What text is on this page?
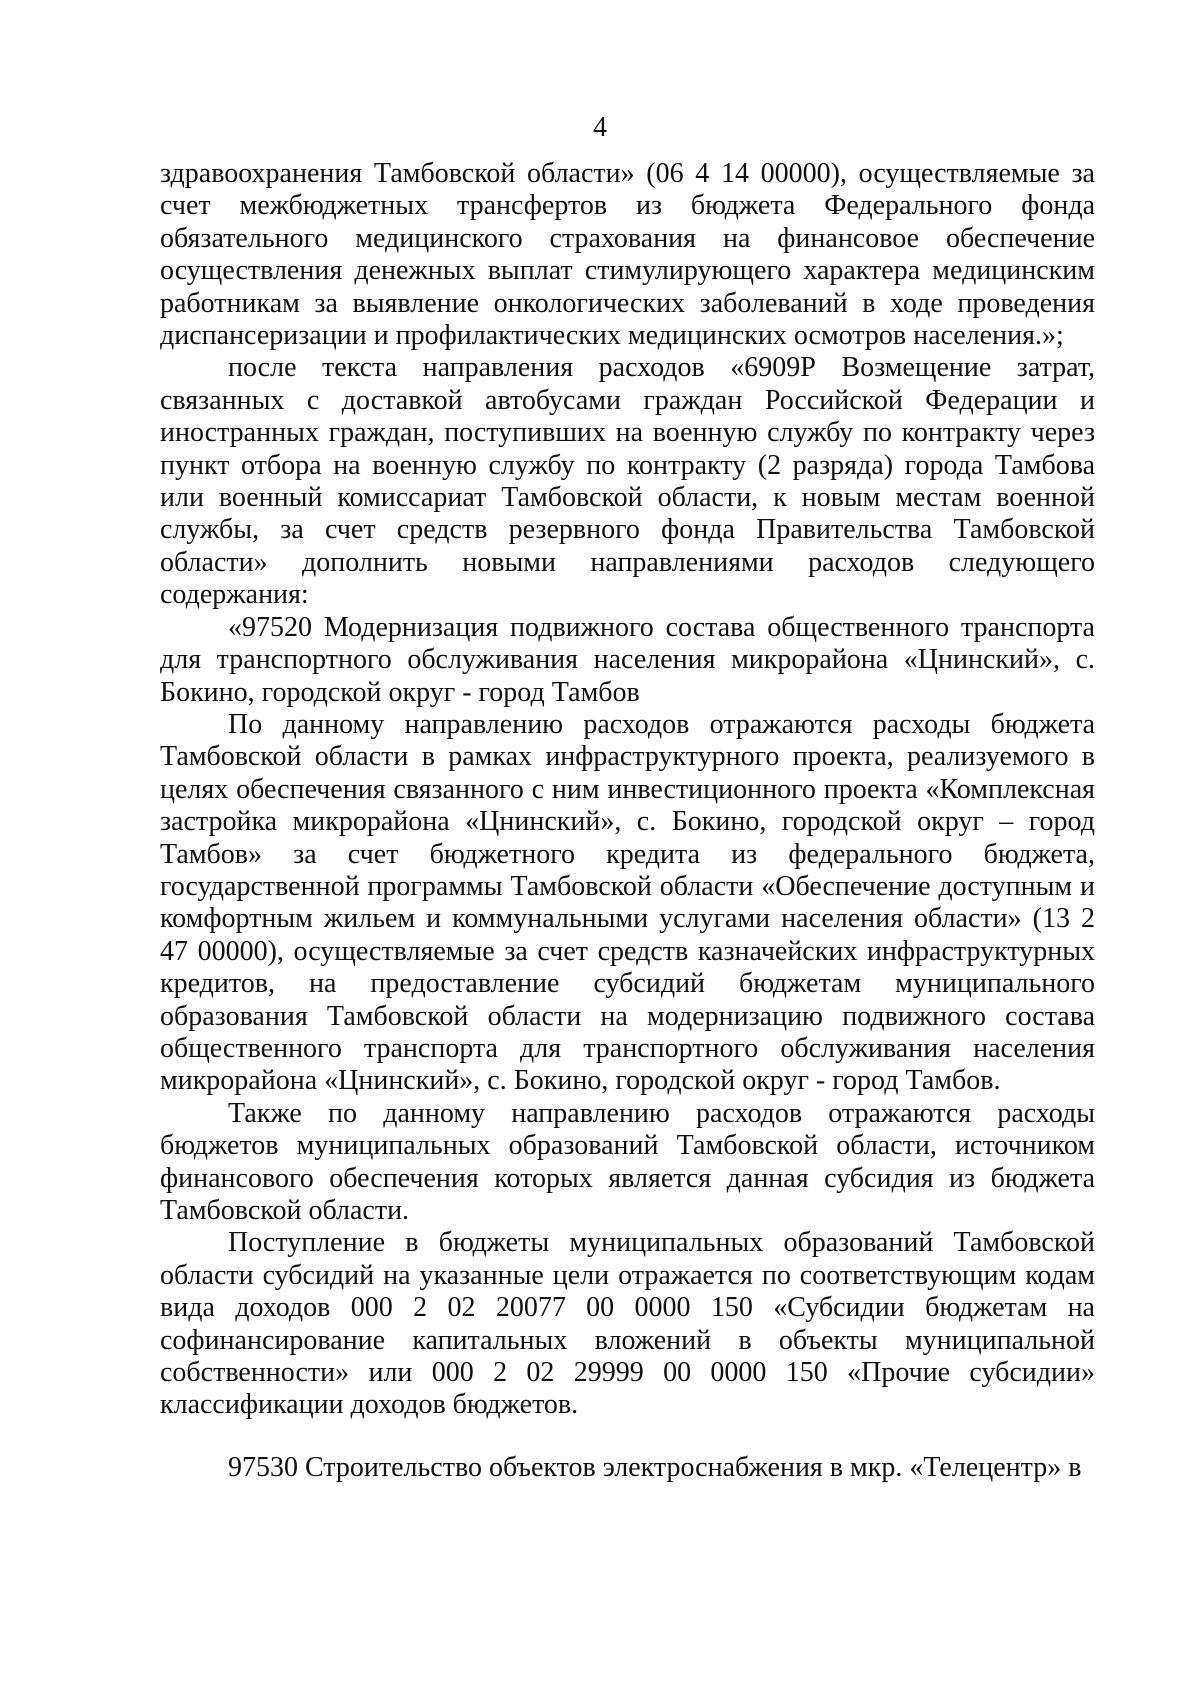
4

здравоохранения Тамбовской области» (06 4 14 00000), осуществляемые за счет межбюджетных трансфертов из бюджета Федерального фонда обязательного медицинского страхования на финансовое обеспечение осуществления денежных выплат стимулирующего характера медицинским работникам за выявление онкологических заболеваний в ходе проведения диспансеризации и профилактических медицинских осмотров населения.»;

после текста направления расходов «6909Р Возмещение затрат, связанных с доставкой автобусами граждан Российской Федерации и иностранных граждан, поступивших на военную службу по контракту через пункт отбора на военную службу по контракту (2 разряда) города Тамбова или военный комиссариат Тамбовской области, к новым местам военной службы, за счет средств резервного фонда Правительства Тамбовской области» дополнить новыми направлениями расходов следующего содержания:

«97520 Модернизация подвижного состава общественного транспорта для транспортного обслуживания населения микрорайона «Цнинский», с. Бокино, городской округ - город Тамбов

По данному направлению расходов отражаются расходы бюджета Тамбовской области в рамках инфраструктурного проекта, реализуемого в целях обеспечения связанного с ним инвестиционного проекта «Комплексная застройка микрорайона «Цнинский», с. Бокино, городской округ – город Тамбов» за счет бюджетного кредита из федерального бюджета, государственной программы Тамбовской области «Обеспечение доступным и комфортным жильем и коммунальными услугами населения области» (13 2 47 00000), осуществляемые за счет средств казначейских инфраструктурных кредитов, на предоставление субсидий бюджетам муниципального образования Тамбовской области на модернизацию подвижного состава общественного транспорта для транспортного обслуживания населения микрорайона «Цнинский», с. Бокино, городской округ - город Тамбов.

Также по данному направлению расходов отражаются расходы бюджетов муниципальных образований Тамбовской области, источником финансового обеспечения которых является данная субсидия из бюджета Тамбовской области.

Поступление в бюджеты муниципальных образований Тамбовской области субсидий на указанные цели отражается по соответствующим кодам вида доходов 000 2 02 20077 00 0000 150 «Субсидии бюджетам на софинансирование капитальных вложений в объекты муниципальной собственности» или 000 2 02 29999 00 0000 150 «Прочие субсидии» классификации доходов бюджетов.

97530 Строительство объектов электроснабжения в мкр. «Телецентр» в
